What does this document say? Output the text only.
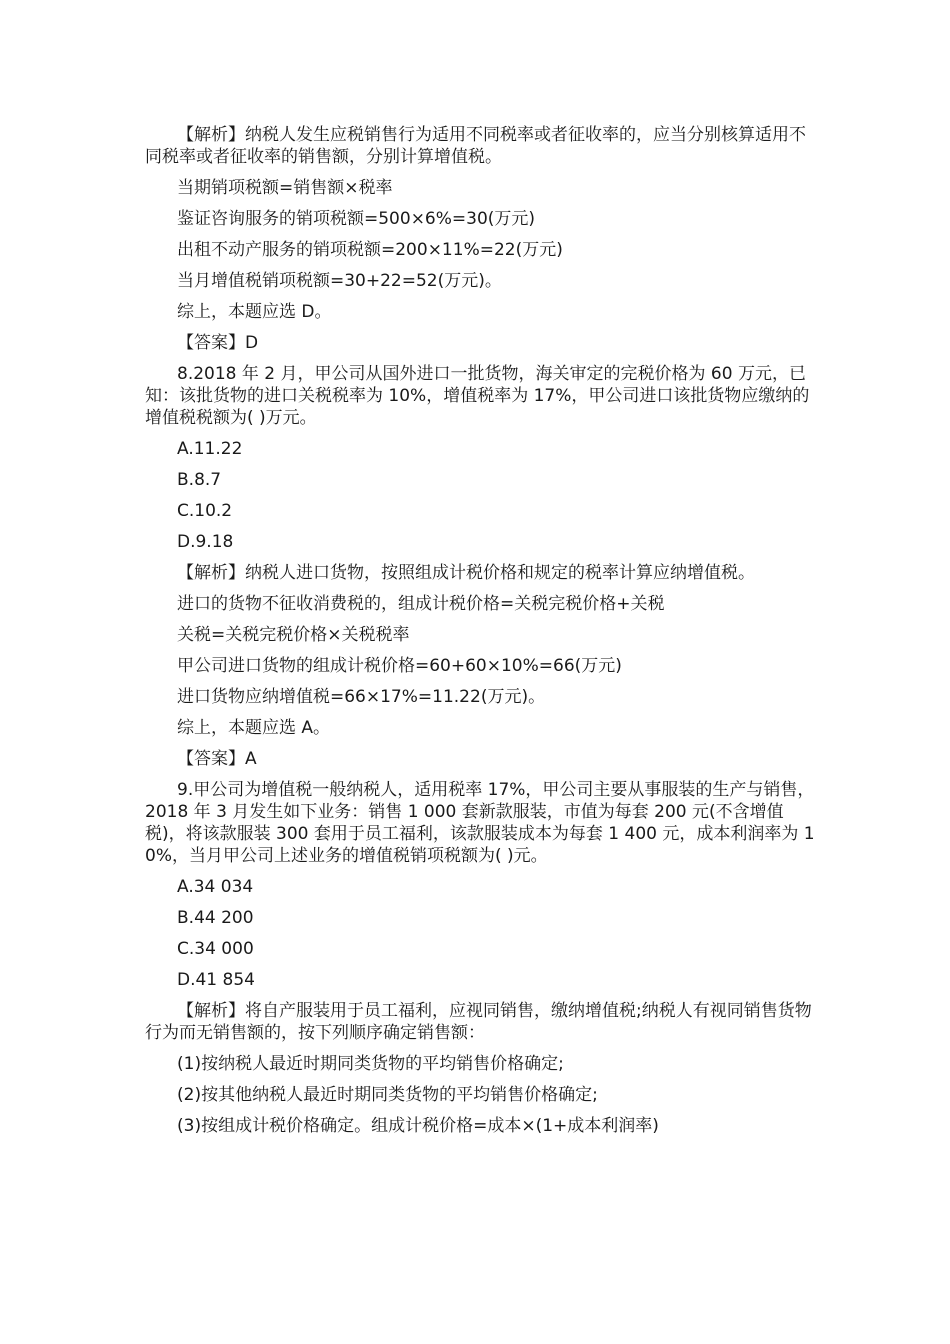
【解析】纳税人发生应税销售行为适用不同税率或者征收率的，应当分别核算适用不同税率或者征收率的销售额，分别计算增值税。

当期销项税额=销售额×税率

鉴证咨询服务的销项税额=500×6%=30(万元)

出租不动产服务的销项税额=200×11%=22(万元)

当月增值税销项税额=30+22=52(万元)。

综上，本题应选 D。

【答案】D

8.2018 年 2 月，甲公司从国外进口一批货物，海关审定的完税价格为 60 万元，已知：该批货物的进口关税税率为 10%，增值税率为 17%，甲公司进口该批货物应缴纳的增值税税额为( )万元。

A.11.22

B.8.7

C.10.2

D.9.18

【解析】纳税人进口货物，按照组成计税价格和规定的税率计算应纳增值税。

进口的货物不征收消费税的，组成计税价格=关税完税价格+关税

关税=关税完税价格×关税税率

甲公司进口货物的组成计税价格=60+60×10%=66(万元)

进口货物应纳增值税=66×17%=11.22(万元)。

综上，本题应选 A。

【答案】A

9.甲公司为增值税一般纳税人，适用税率 17%，甲公司主要从事服装的生产与销售，2018 年 3 月发生如下业务：销售 1 000 套新款服装，市值为每套 200 元(不含增值税)，将该款服装 300 套用于员工福利，该款服装成本为每套 1 400 元，成本利润率为 10%，当月甲公司上述业务的增值税销项税额为( )元。

A.34 034

B.44 200

C.34 000

D.41 854

【解析】将自产服装用于员工福利，应视同销售，缴纳增值税;纳税人有视同销售货物行为而无销售额的，按下列顺序确定销售额：

(1)按纳税人最近时期同类货物的平均销售价格确定;

(2)按其他纳税人最近时期同类货物的平均销售价格确定;

(3)按组成计税价格确定。组成计税价格=成本×(1+成本利润率)
